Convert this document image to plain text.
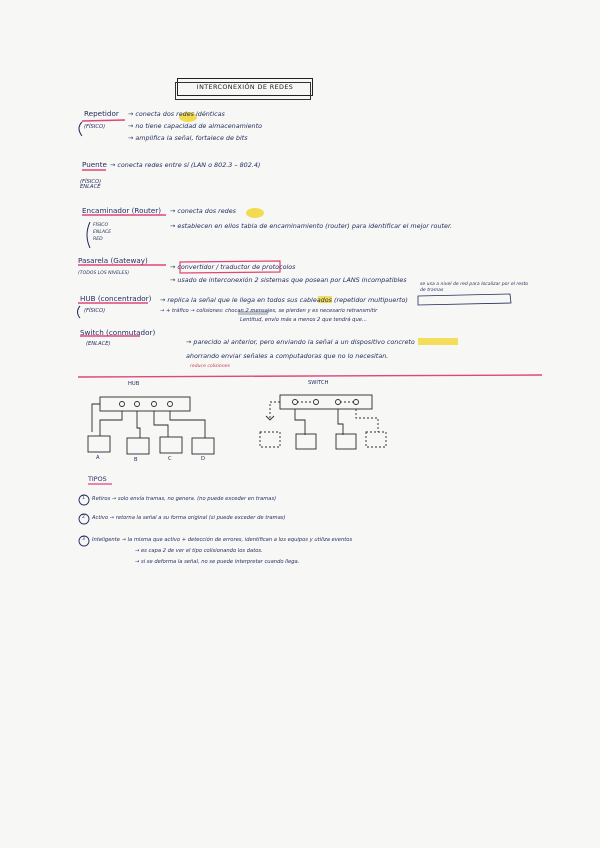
INTERCONEXIÓN DE REDES
Repetidor
(FÍSICO)
→ conecta dos redes idénticas
→ no tiene capacidad de almacenamiento
→ amplifica la señal, fortalece de bits
Puente
(FÍSICO) ENLACE
→ conecta redes entre sí (LAN o 802.3 – 802.4)
Encaminador (Router)
FÍSICO ENLACE RED
→ conecta dos redes
→ establecen en ellos tabla de encaminamiento (router) para identificar el mejor router.
Pasarela (Gateway)
(TODOS LOS NIVELES)
→ convertidor / traductor de protocolos
→ usado de interconexión 2 sistemas que posean por LANS incompatibles
se usa a nivel de red para localizar por el resto de tramas
HUB (concentrador)
(FÍSICO)
→ replica la señal que le llega en todos sus cableados (repetidor multipuerto)
→ + tráfico → colisiones: chocan 2 mensajes, se pierden y es necesario retransmitir
Lentitud, envío más a menos 2 que tendrá que...
Switch (conmutador)
(ENLACE)	→ parecido al anterior, pero enviando la señal a un dispositivo concreto
ahorrando enviar señales a computadoras que no lo necesitan.
reduce colisiones
HUB	SWITCH
A	B	C	D
TIPOS
1 Retiros → solo envía tramas, no genera. (no puede exceder en tramas)
2 Activo → retorna la señal a su forma original (si puede exceder de tramas)
3 Inteligente → la misma que activo + detección de errores, identifican a los equipos y utiliza eventos
→ es capa 2 de ver el tipo colisionando los datos.
→ si se deforma la señal, no se puede interpretar cuando llega.
